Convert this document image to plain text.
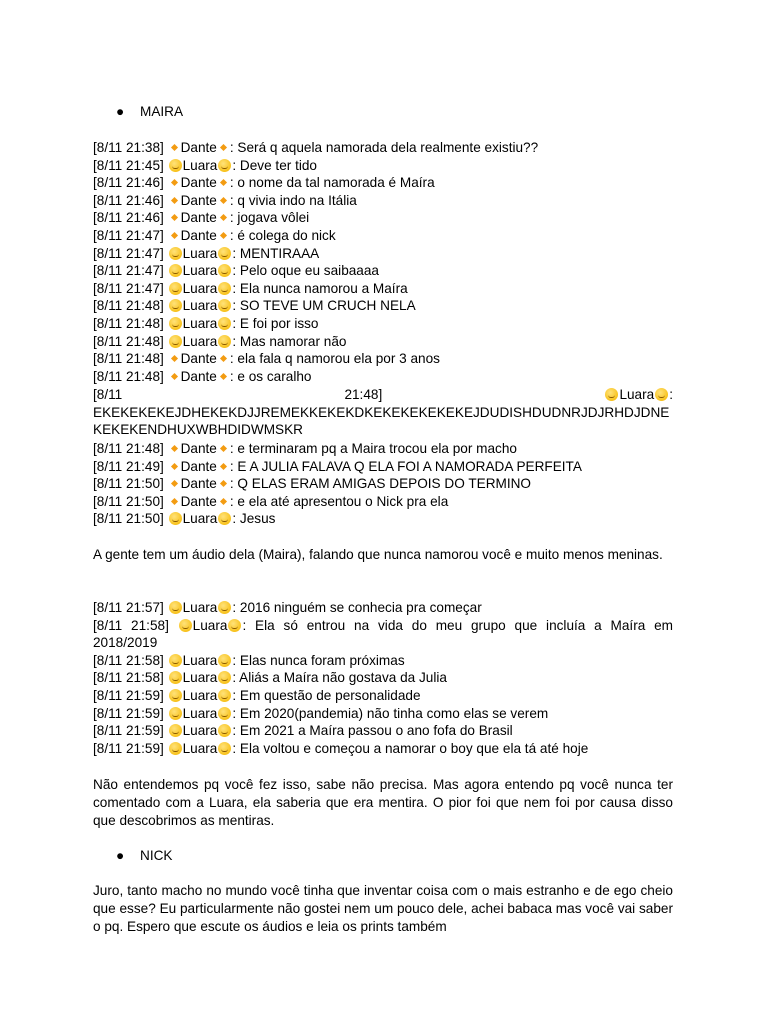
● MAIRA
[8/11 21:38] Dante : Será q aquela namorada dela realmente existiu??
[8/11 21:45] Luara : Deve ter tido
[8/11 21:46] Dante : o nome da tal namorada é Maíra
[8/11 21:46] Dante : q vivia indo na Itália
[8/11 21:46] Dante : jogava vôlei
[8/11 21:47] Dante : é colega do nick
[8/11 21:47] Luara : MENTIRAAA
[8/11 21:47] Luara : Pelo oque eu saibaaaa
[8/11 21:47] Luara : Ela nunca namorou a Maíra
[8/11 21:48] Luara : SO TEVE UM CRUCH NELA
[8/11 21:48] Luara : E foi por isso
[8/11 21:48] Luara : Mas namorar não
[8/11 21:48] Dante : ela fala q namorou ela por 3 anos
[8/11 21:48] Dante : e os caralho
[8/11	21:48]	Luara :
EKEKEKEKEJDHEKEKDJJREMEKKEKEKDKEKEKEKEKEKEJDUDISHDUDNRJDJRHDJDNEKEKEKENDHUXWBHDIDWMSKR
[8/11 21:48] Dante : e terminaram pq a Maira trocou ela por macho
[8/11 21:49] Dante : E A JULIA FALAVA Q ELA FOI A NAMORADA PERFEITA
[8/11 21:50] Dante : Q ELAS ERAM AMIGAS DEPOIS DO TERMINO
[8/11 21:50] Dante : e ela até apresentou o Nick pra ela
[8/11 21:50] Luara : Jesus
A gente tem um áudio dela (Maira), falando que nunca namorou você e muito menos meninas.
[8/11 21:57] Luara : 2016 ninguém se conhecia pra começar
[8/11 21:58] Luara : Ela só entrou na vida do meu grupo que incluía a Maíra em 2018/2019
[8/11 21:58] Luara : Elas nunca foram próximas
[8/11 21:58] Luara : Aliás a Maíra não gostava da Julia
[8/11 21:59] Luara : Em questão de personalidade
[8/11 21:59] Luara : Em 2020(pandemia) não tinha como elas se verem
[8/11 21:59] Luara : Em 2021 a Maíra passou o ano fofa do Brasil
[8/11 21:59] Luara : Ela voltou e começou a namorar o boy que ela tá até hoje
Não entendemos pq você fez isso, sabe não precisa. Mas agora entendo pq você nunca ter comentado com a Luara, ela saberia que era mentira. O pior foi que nem foi por causa disso que descobrimos as mentiras.
● NICK
Juro, tanto macho no mundo você tinha que inventar coisa com o mais estranho e de ego cheio que esse? Eu particularmente não gostei nem um pouco dele, achei babaca mas você vai saber o pq. Espero que escute os áudios e leia os prints também
